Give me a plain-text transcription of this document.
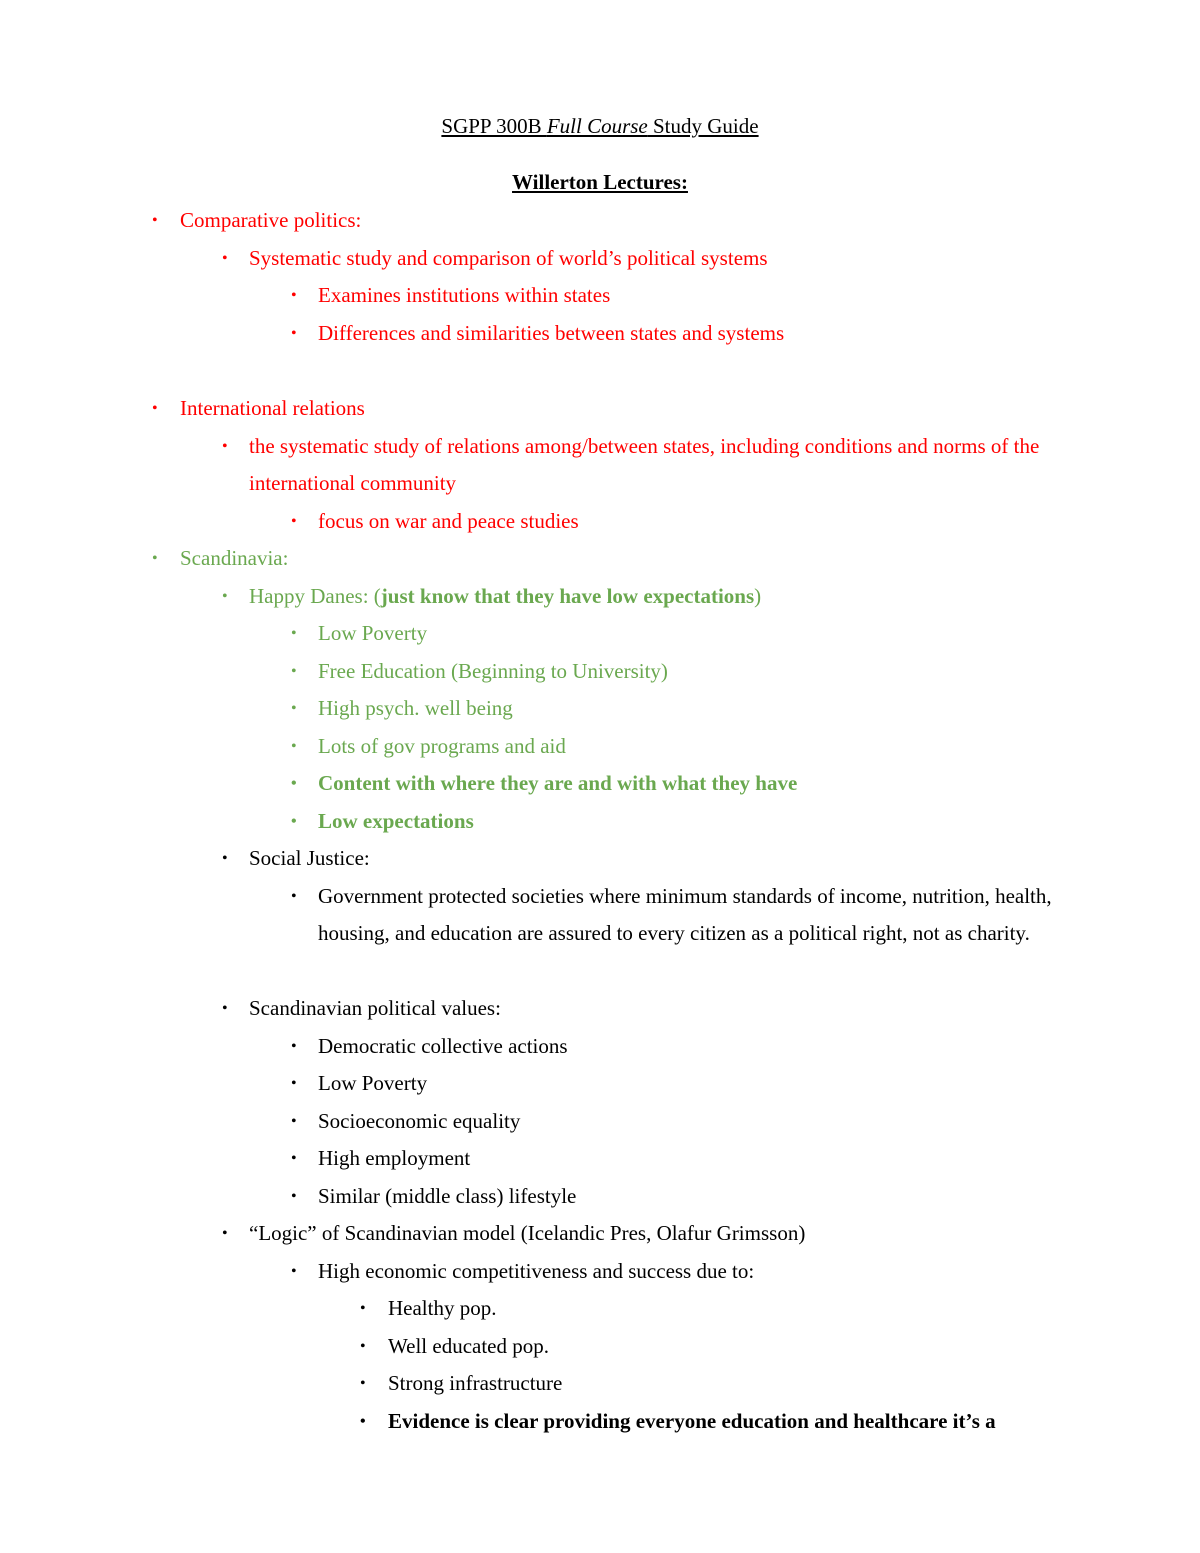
SGPP 300B Full Course Study Guide
Willerton Lectures:
•	Comparative politics:
•	Systematic study and comparison of world’s political systems
•	Examines institutions within states
•	Differences and similarities between states and systems
•	International relations
•	the systematic study of relations among/between states, including conditions and norms of the international community
•	focus on war and peace studies
•	Scandinavia:
•	Happy Danes: (just know that they have low expectations)
•	Low Poverty
•	Free Education (Beginning to University)
•	High psych. well being
•	Lots of gov programs and aid
•	Content with where they are and with what they have
•	Low expectations
•	Social Justice:
•	Government protected societies where minimum standards of income, nutrition, health, housing, and education are assured to every citizen as a political right, not as charity.
•	Scandinavian political values:
•	Democratic collective actions
•	Low Poverty
•	Socioeconomic equality
•	High employment
•	Similar (middle class) lifestyle
•	“Logic” of Scandinavian model (Icelandic Pres, Olafur Grimsson)
•	High economic competitiveness and success due to:
•	Healthy pop.
•	Well educated pop.
•	Strong infrastructure
•	Evidence is clear providing everyone education and healthcare it’s a
